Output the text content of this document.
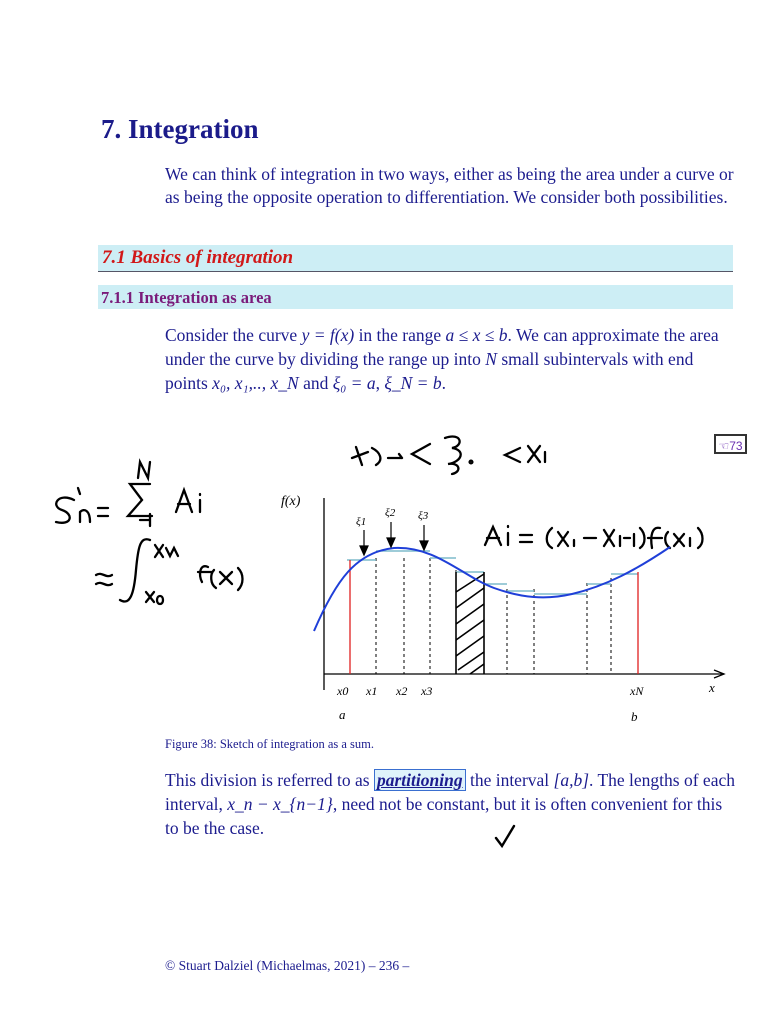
7. Integration

We can think of integration in two ways, either as being the area under a curve or as being the opposite operation to differentiation. We consider both possibilities.

7.1 Basics of integration
7.1.1 Integration as area

Consider the curve y = f(x) in the range a ≤ x ≤ b. We can approximate the area under the curve by dividing the range up into N small subintervals with end points x₀, x₁,.., x_N and ξ₀ = a, ξ_N = b.

☜73
f(x)
x
ξ1
ξ2 ξ3
x0 x1 x2 x3	xN
a	b
Figure 38: Sketch of integration as a sum.

This division is referred to as partitioning the interval [a,b]. The lengths of each interval, x_n − x_{n−1}, need not be constant, but it is often convenient for this to be the case.

© Stuart Dalziel (Michaelmas, 2021) – 236 –
